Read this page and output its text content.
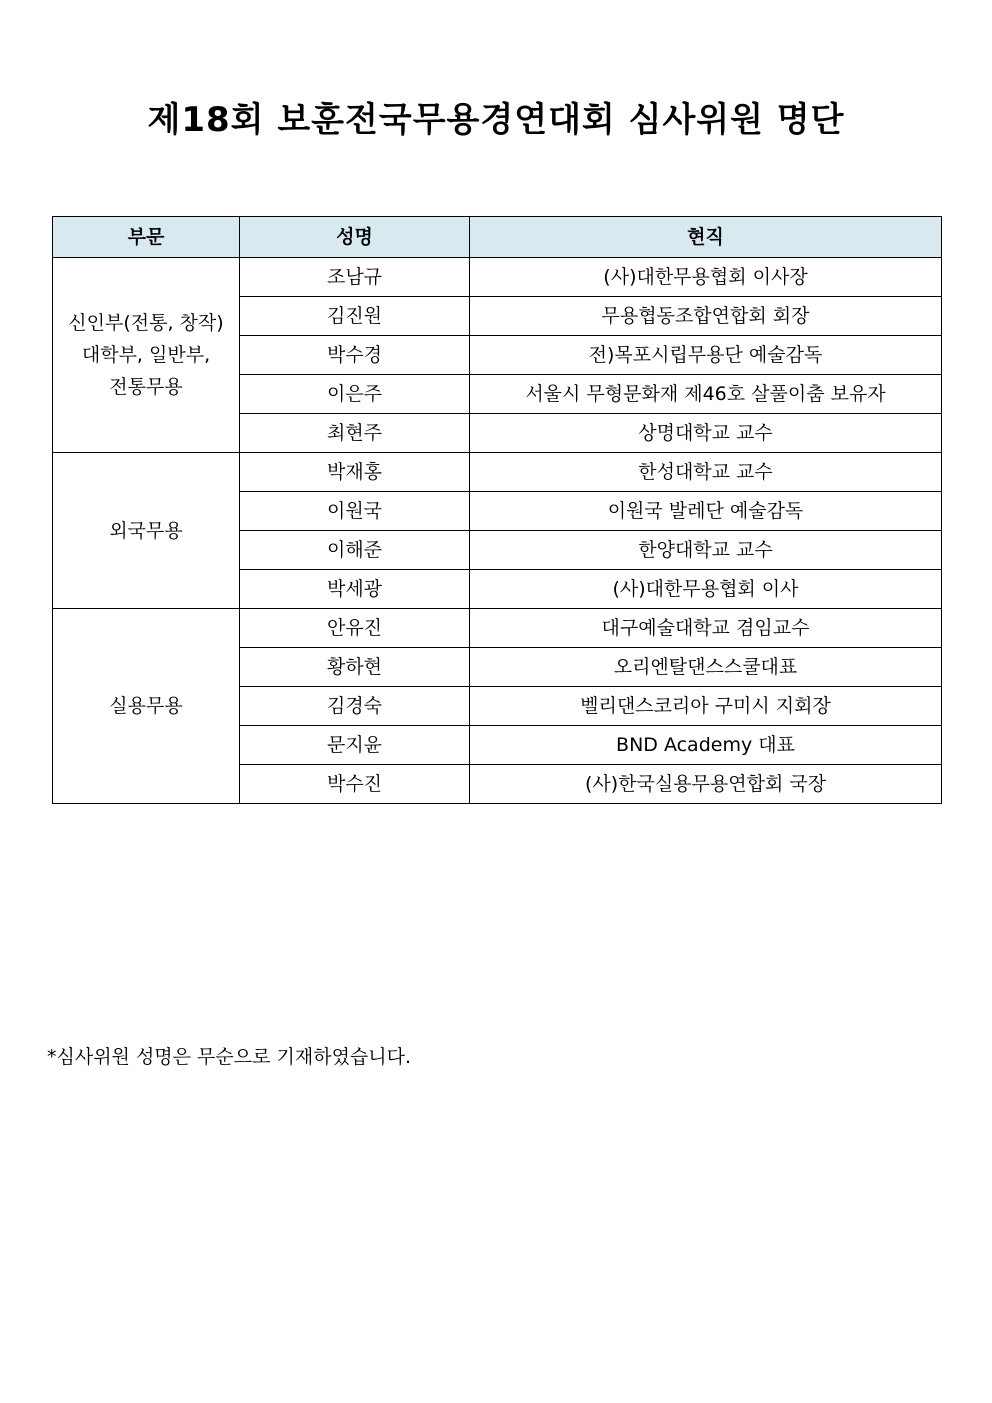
제18회 보훈전국무용경연대회 심사위원 명단
부문	성명	현직

신인부(전통, 창작)
대학부, 일반부,
전통무용	조남규	(사)대한무용협회 이사장
	김진원	무용협동조합연합회 회장
	박수경	전)목포시립무용단 예술감독
	이은주	서울시 무형문화재 제46호 살풀이춤 보유자
	최현주	상명대학교 교수

외국무용	박재홍	한성대학교 교수
	이원국	이원국 발레단 예술감독
	이해준	한양대학교 교수
	박세광	(사)대한무용협회 이사

실용무용	안유진	대구예술대학교 겸임교수
	황하현	오리엔탈댄스스쿨대표
	김경숙	벨리댄스코리아 구미시 지회장
	문지윤	BND Academy 대표
	박수진	(사)한국실용무용연합회 국장
*심사위원 성명은 무순으로 기재하였습니다.
